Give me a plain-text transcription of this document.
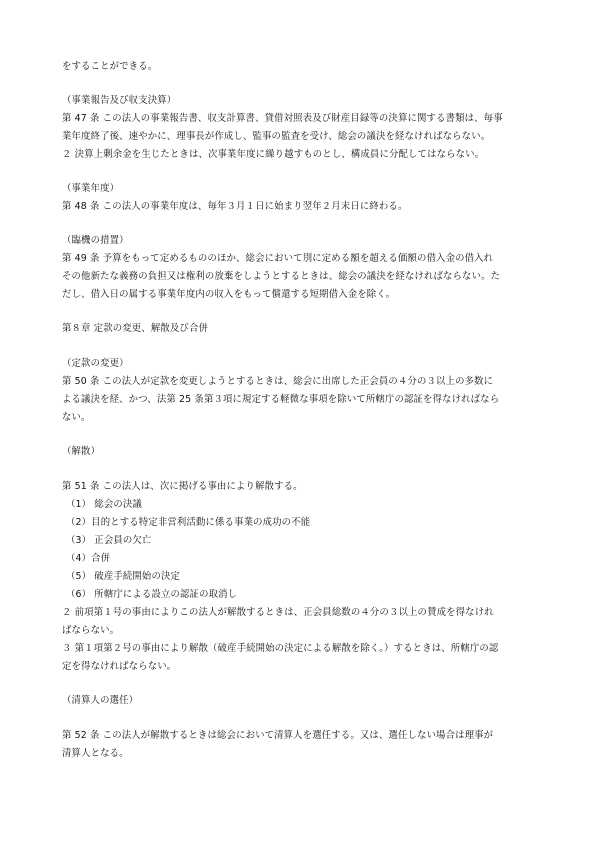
をすることができる。
（事業報告及び収支決算）
第 47 条 この法人の事業報告書、収支計算書、貸借対照表及び財産目録等の決算に関する書類は、毎事
業年度終了後、速やかに、理事長が作成し、監事の監査を受け、総会の議決を経なければならない。
２ 決算上剰余金を生じたときは、次事業年度に繰り越すものとし、構成員に分配してはならない。
（事業年度）
第 48 条 この法人の事業年度は、毎年３月１日に始まり翌年２月末日に終わる。
（臨機の措置）
第 49 条 予算をもって定めるもののほか、総会において別に定める額を超える価額の借入金の借入れ
その他新たな義務の負担又は権利の放棄をしようとするときは、総会の議決を経なければならない。た
だし、借入日の属する事業年度内の収入をもって償還する短期借入金を除く。
第８章 定款の変更、解散及び合併
（定款の変更）
第 50 条 この法人が定款を変更しようとするときは、総会に出席した正会員の４分の３以上の多数に
よる議決を経、かつ、法第 25 条第３項に規定する軽微な事項を除いて所轄庁の認証を得なければなら
ない。
（解散）
第 51 条 この法人は、次に掲げる事由により解散する。
（1） 総会の決議
（2）目的とする特定非営利活動に係る事業の成功の不能
（3） 正会員の欠亡
（4）合併
（5） 破産手続開始の決定
（6） 所轄庁による設立の認証の取消し
２ 前項第１号の事由によりこの法人が解散するときは、正会員総数の４分の３以上の賛成を得なけれ
ばならない。
３ 第１項第２号の事由により解散（破産手続開始の決定による解散を除く。）するときは、所轄庁の認
定を得なければならない。
（清算人の選任）
第 52 条 この法人が解散するときは総会において清算人を選任する。又は、選任しない場合は理事が
清算人となる。
